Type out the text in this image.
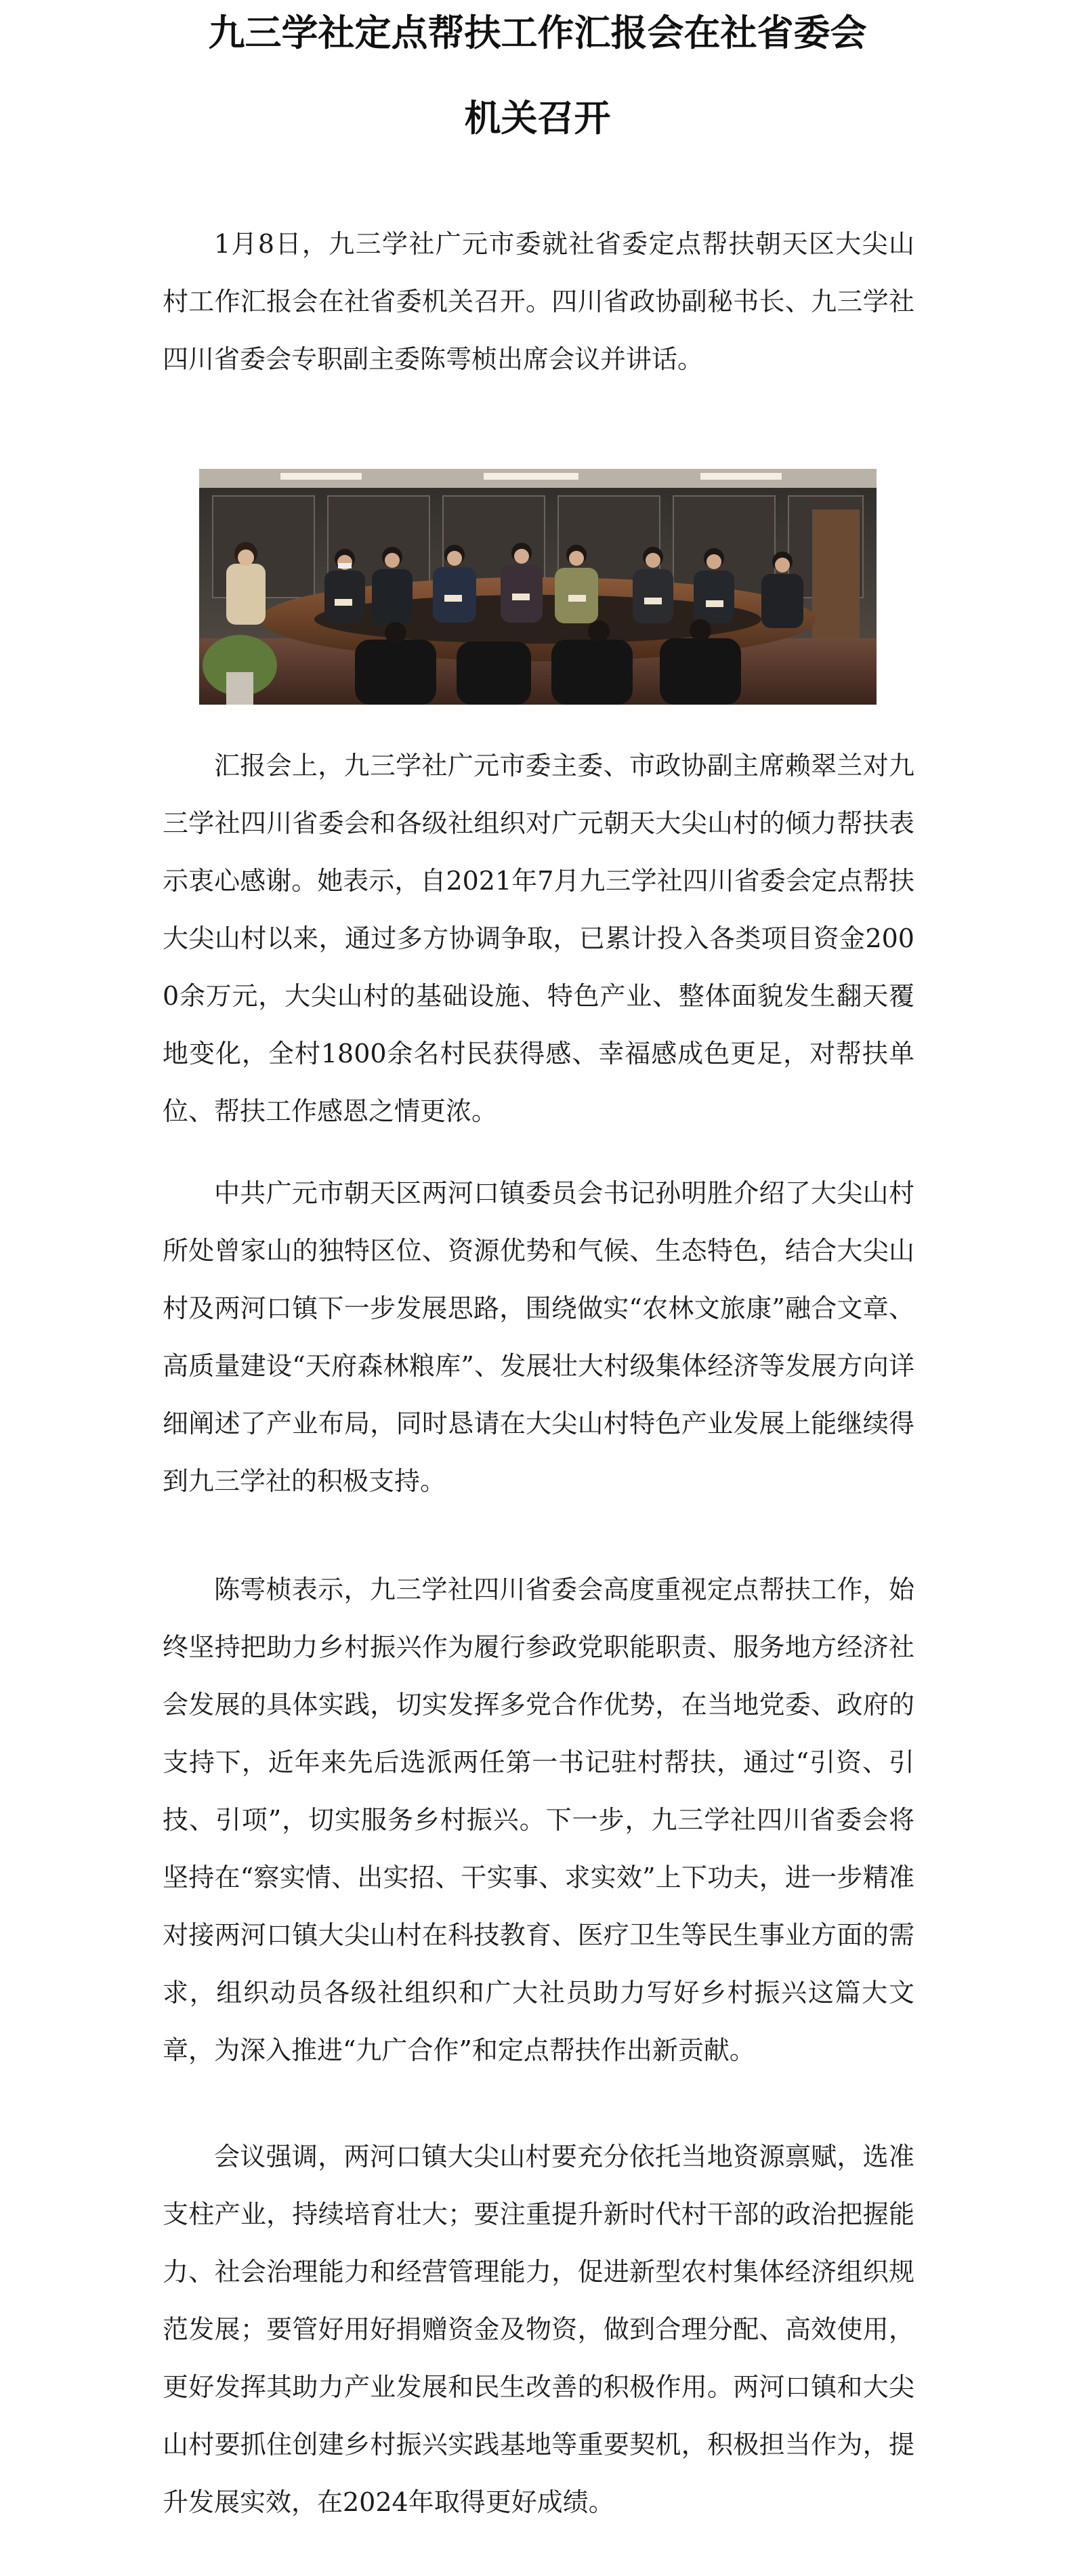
九三学社定点帮扶工作汇报会在社省委会
机关召开

1月8日，九三学社广元市委就社省委定点帮扶朝天区大尖山村工作汇报会在社省委机关召开。四川省政协副秘书长、九三学社四川省委会专职副主委陈雩桢出席会议并讲话。

汇报会上，九三学社广元市委主委、市政协副主席赖翠兰对九三学社四川省委会和各级社组织对广元朝天大尖山村的倾力帮扶表示衷心感谢。她表示，自2021年7月九三学社四川省委会定点帮扶大尖山村以来，通过多方协调争取，已累计投入各类项目资金2000余万元，大尖山村的基础设施、特色产业、整体面貌发生翻天覆地变化，全村1800余名村民获得感、幸福感成色更足，对帮扶单位、帮扶工作感恩之情更浓。

中共广元市朝天区两河口镇委员会书记孙明胜介绍了大尖山村所处曾家山的独特区位、资源优势和气候、生态特色，结合大尖山村及两河口镇下一步发展思路，围绕做实“农林文旅康”融合文章、高质量建设“天府森林粮库”、发展壮大村级集体经济等发展方向详细阐述了产业布局，同时恳请在大尖山村特色产业发展上能继续得到九三学社的积极支持。

陈雩桢表示，九三学社四川省委会高度重视定点帮扶工作，始终坚持把助力乡村振兴作为履行参政党职能职责、服务地方经济社会发展的具体实践，切实发挥多党合作优势，在当地党委、政府的支持下，近年来先后选派两任第一书记驻村帮扶，通过“引资、引技、引项”，切实服务乡村振兴。下一步，九三学社四川省委会将坚持在“察实情、出实招、干实事、求实效”上下功夫，进一步精准对接两河口镇大尖山村在科技教育、医疗卫生等民生事业方面的需求，组织动员各级社组织和广大社员助力写好乡村振兴这篇大文章，为深入推进“九广合作”和定点帮扶作出新贡献。

会议强调，两河口镇大尖山村要充分依托当地资源禀赋，选准支柱产业，持续培育壮大；要注重提升新时代村干部的政治把握能力、社会治理能力和经营管理能力，促进新型农村集体经济组织规范发展；要管好用好捐赠资金及物资，做到合理分配、高效使用，更好发挥其助力产业发展和民生改善的积极作用。两河口镇和大尖山村要抓住创建乡村振兴实践基地等重要契机，积极担当作为，提升发展实效，在2024年取得更好成绩。
